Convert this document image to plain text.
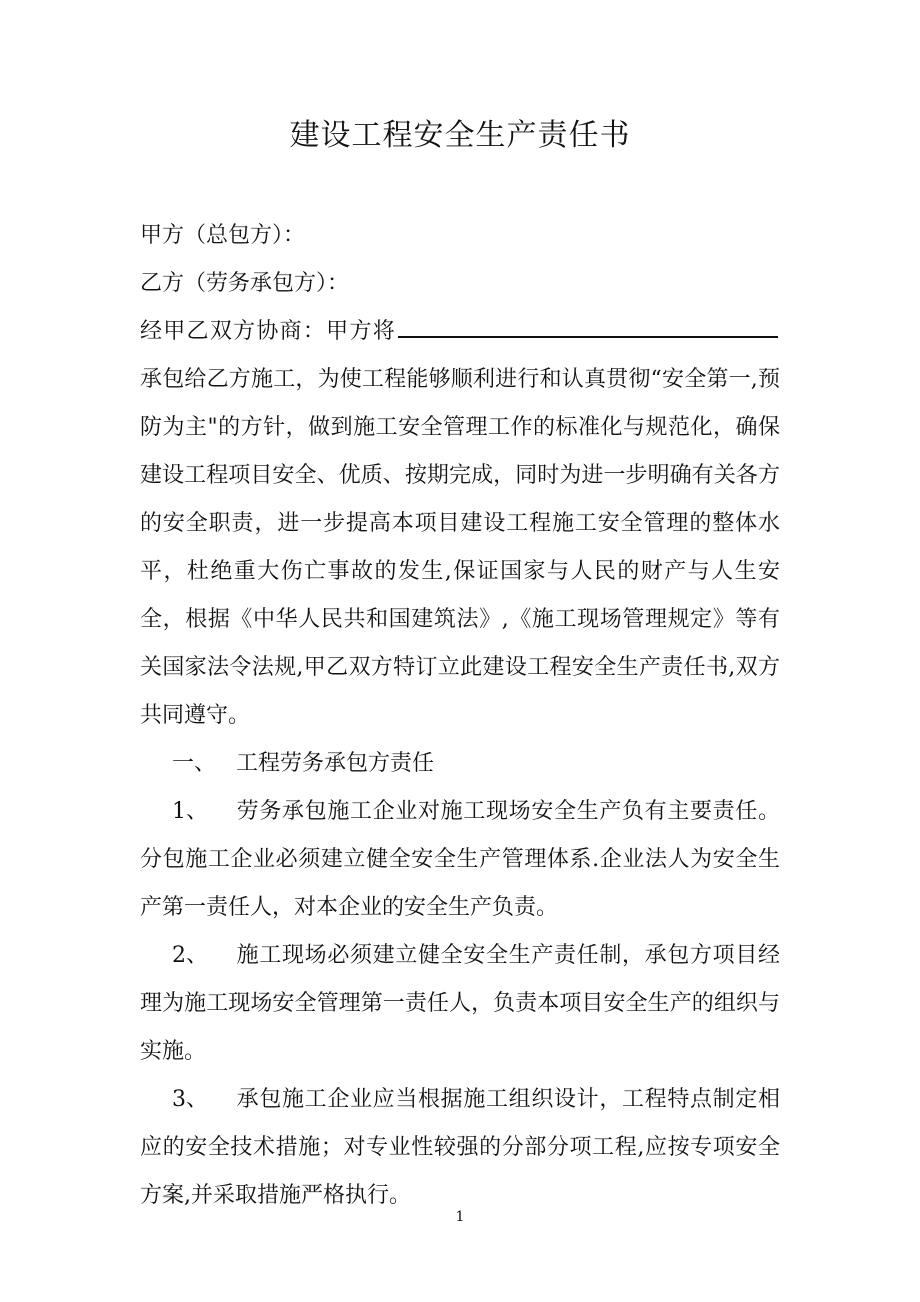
建设工程安全生产责任书

甲方（总包方）：

乙方（劳务承包方）：

经甲乙双方协商：甲方将承包给乙方施工，为使工程能够顺利进行和认真贯彻“安全第一,预防为主"的方针，做到施工安全管理工作的标准化与规范化，确保建设工程项目安全、优质、按期完成，同时为进一步明确有关各方的安全职责，进一步提高本项目建设工程施工安全管理的整体水平，杜绝重大伤亡事故的发生,保证国家与人民的财产与人生安全，根据《中华人民共和国建筑法》,《施工现场管理规定》等有关国家法令法规,甲乙双方特订立此建设工程安全生产责任书,双方共同遵守。

一、 工程劳务承包方责任

1、 劳务承包施工企业对施工现场安全生产负有主要责任。分包施工企业必须建立健全安全生产管理体系.企业法人为安全生产第一责任人，对本企业的安全生产负责。

2、 施工现场必须建立健全安全生产责任制，承包方项目经理为施工现场安全管理第一责任人，负责本项目安全生产的组织与实施。

3、 承包施工企业应当根据施工组织设计，工程特点制定相应的安全技术措施；对专业性较强的分部分项工程,应按专项安全方案,并采取措施严格执行。

1
